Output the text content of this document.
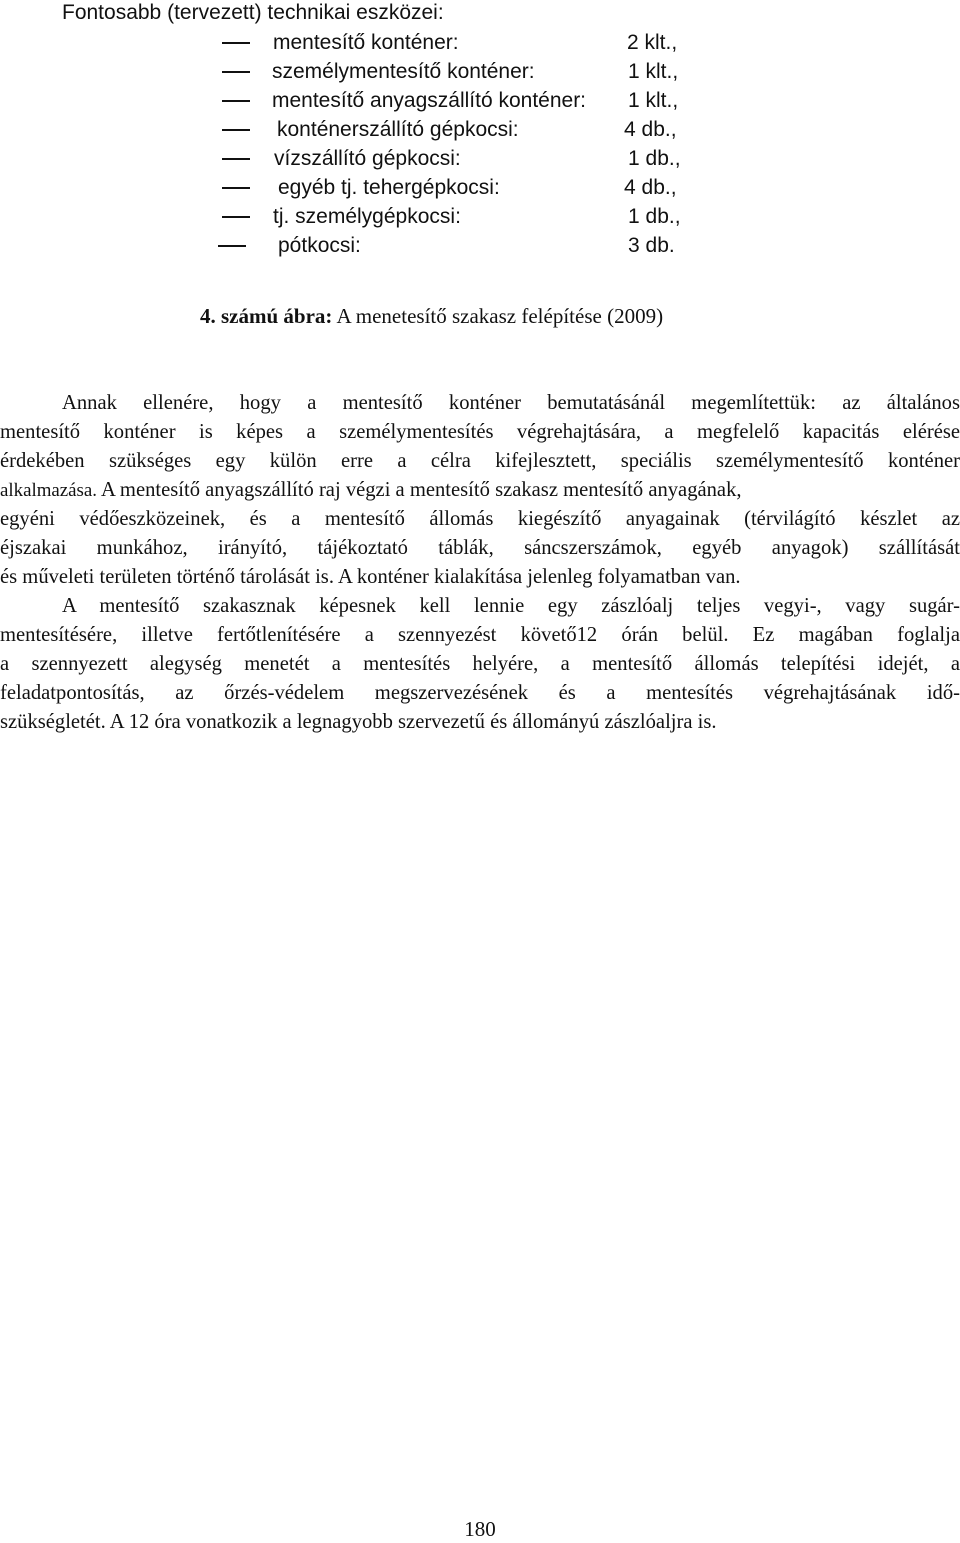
Fontosabb (tervezett) technikai eszközei:
mentesítő konténer:	2 klt.,
személymentesítő konténer:	1 klt.,
mentesítő anyagszállító konténer: 1 klt.,
konténerszállító gépkocsi:	4 db.,
vízszállító gépkocsi:	1 db.,
egyéb tj. tehergépkocsi:	4 db.,
tj. személygépkocsi:	1 db.,
pótkocsi:	3 db.
4. számú ábra: A menetesítő szakasz felépítése (2009)
Annak ellenére, hogy a mentesítő konténer bemutatásánál megemlítettük: az általános
mentesítő konténer is képes a személymentesítés végrehajtására, a megfelelő kapacitás elérése
érdekében szükséges egy külön erre a célra kifejlesztett, speciális személymentesítő konténer
alkalmazása. A mentesítő anyagszállító raj végzi a mentesítő szakasz mentesítő anyagának,
egyéni védőeszközeinek, és a mentesítő állomás kiegészítő anyagainak (térvilágító készlet az
éjszakai munkához, irányító, tájékoztató táblák, sáncszerszámok, egyéb anyagok) szállítását
és műveleti területen történő tárolását is. A konténer kialakítása jelenleg folyamatban van.
A mentesítő szakasznak képesnek kell lennie egy zászlóalj teljes vegyi-, vagy sugár-
mentesítésére, illetve fertőtlenítésére a szennyezést követő12 órán belül. Ez magában foglalja
a szennyezett alegység menetét a mentesítés helyére, a mentesítő állomás telepítési idejét, a
feladatpontosítás, az őrzés-védelem megszervezésének és a mentesítés végrehajtásának idő-
szükségletét. A 12 óra vonatkozik a legnagyobb szervezetű és állományú zászlóaljra is.
180
